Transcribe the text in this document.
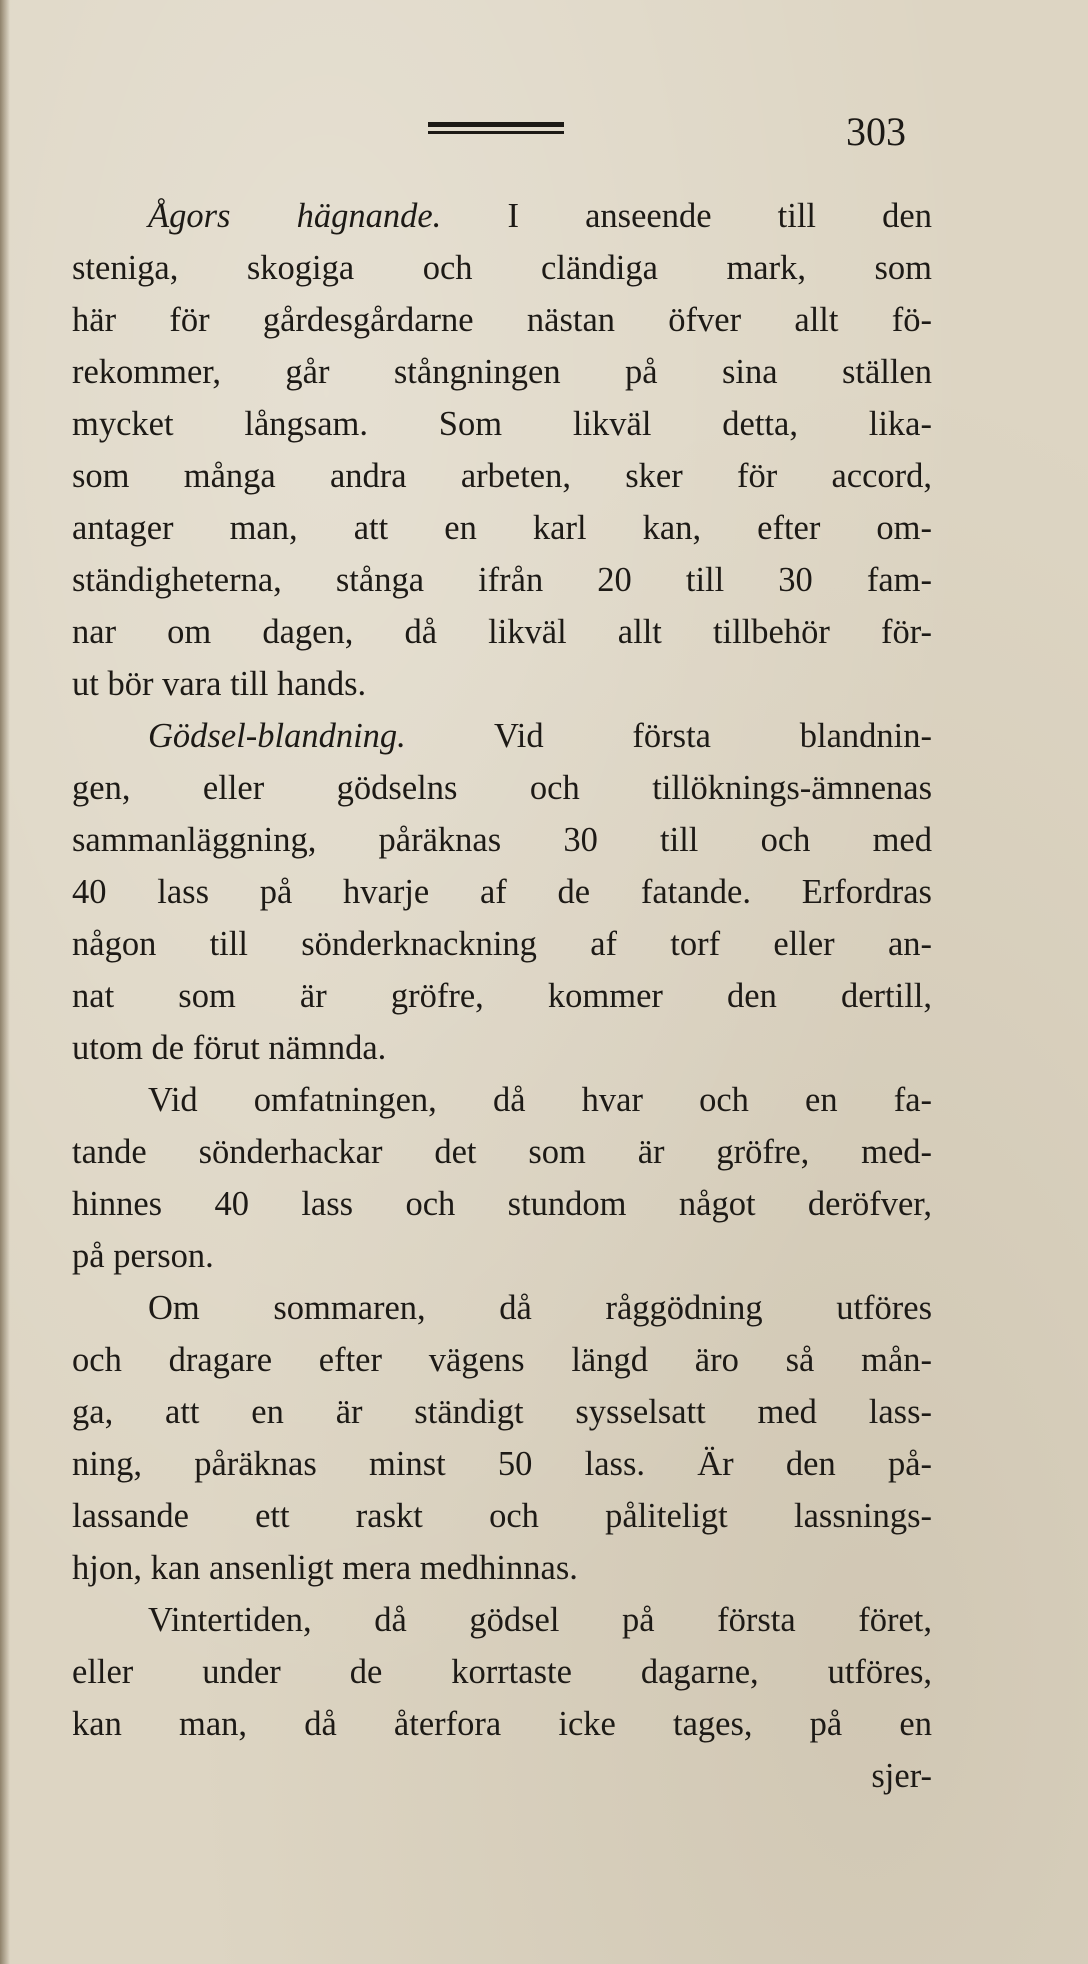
303
Ågors hägnande. I anseende till den
steniga, skogiga och cländiga mark, som
här för gårdesgårdarne nästan öfver allt fö-
rekommer, går stångningen på sina ställen
mycket långsam. Som likväl detta, lika-
som många andra arbeten, sker för accord,
antager man, att en karl kan, efter om-
ständigheterna, stånga ifrån 20 till 30 fam-
nar om dagen, då likväl allt tillbehör för-
ut bör vara till hands.
Gödsel-blandning. Vid första blandnin-
gen, eller gödselns och tillöknings-ämnenas
sammanläggning, påräknas 30 till och med
40 lass på hvarje af de fatande. Erfordras
någon till sönderknackning af torf eller an-
nat som är gröfre, kommer den dertill,
utom de förut nämnda.
Vid omfatningen, då hvar och en fa-
tande sönderhackar det som är gröfre, med-
hinnes 40 lass och stundom något deröfver,
på person.
Om sommaren, då råggödning utföres
och dragare efter vägens längd äro så mån-
ga, att en är ständigt sysselsatt med lass-
ning, påräknas minst 50 lass. Är den på-
lassande ett raskt och påliteligt lassnings-
hjon, kan ansenligt mera medhinnas.
Vintertiden, då gödsel på första föret,
eller under de korrtaste dagarne, utföres,
kan man, då återfora icke tages, på en
sjer-
